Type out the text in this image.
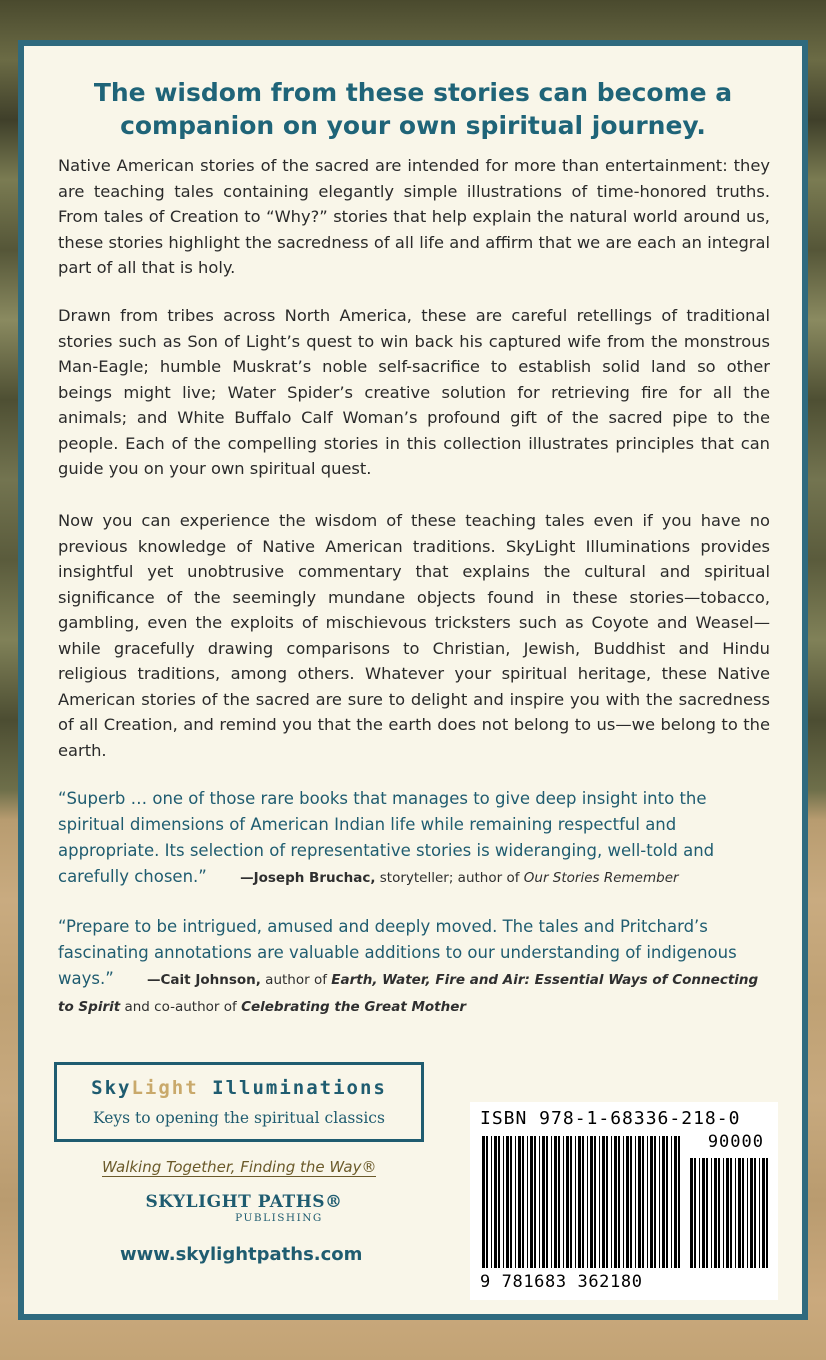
The wisdom from these stories can become a
companion on your own spiritual journey.

Native American stories of the sacred are intended for more than entertainment: they are teaching tales containing elegantly simple illustrations of time-honored truths. From tales of Creation to “Why?” stories that help explain the natural world around us, these stories highlight the sacredness of all life and affirm that we are each an integral part of all that is holy.

Drawn from tribes across North America, these are careful retellings of traditional stories such as Son of Light’s quest to win back his captured wife from the monstrous Man-Eagle; humble Muskrat’s noble self-sacrifice to establish solid land so other beings might live; Water Spider’s creative solution for retrieving fire for all the animals; and White Buffalo Calf Woman’s profound gift of the sacred pipe to the people. Each of the compelling stories in this collection illustrates principles that can guide you on your own spiritual quest.

Now you can experience the wisdom of these teaching tales even if you have no previous knowledge of Native American traditions. SkyLight Illuminations provides insightful yet unobtrusive commentary that explains the cultural and spiritual significance of the seemingly mundane objects found in these stories—tobacco, gambling, even the exploits of mischievous tricksters such as Coyote and Weasel—while gracefully drawing comparisons to Christian, Jewish, Buddhist and Hindu religious traditions, among others. Whatever your spiritual heritage, these Native American stories of the sacred are sure to delight and inspire you with the sacredness of all Creation, and remind you that the earth does not belong to us—we belong to the earth.

“Superb … one of those rare books that manages to give deep insight into the spiritual dimensions of American Indian life while remaining respectful and appropriate. Its selection of representative stories is wideranging, well-told and carefully chosen.” —Joseph Bruchac, storyteller; author of Our Stories Remember
“Prepare to be intrigued, amused and deeply moved. The tales and Pritchard’s fascinating annotations are valuable additions to our understanding of indigenous ways.” —Cait Johnson, author of Earth, Water, Fire and Air: Essential Ways of Connecting to Spirit and co-author of Celebrating the Great Mother
SkyLight Illuminations
Keys to opening the spiritual classics
Walking Together, Finding the Way®
SKYLIGHT PATHS®
PUBLISHING
www.skylightpaths.com
ISBN 978-1-68336-218-0
90000
9 781683 362180
